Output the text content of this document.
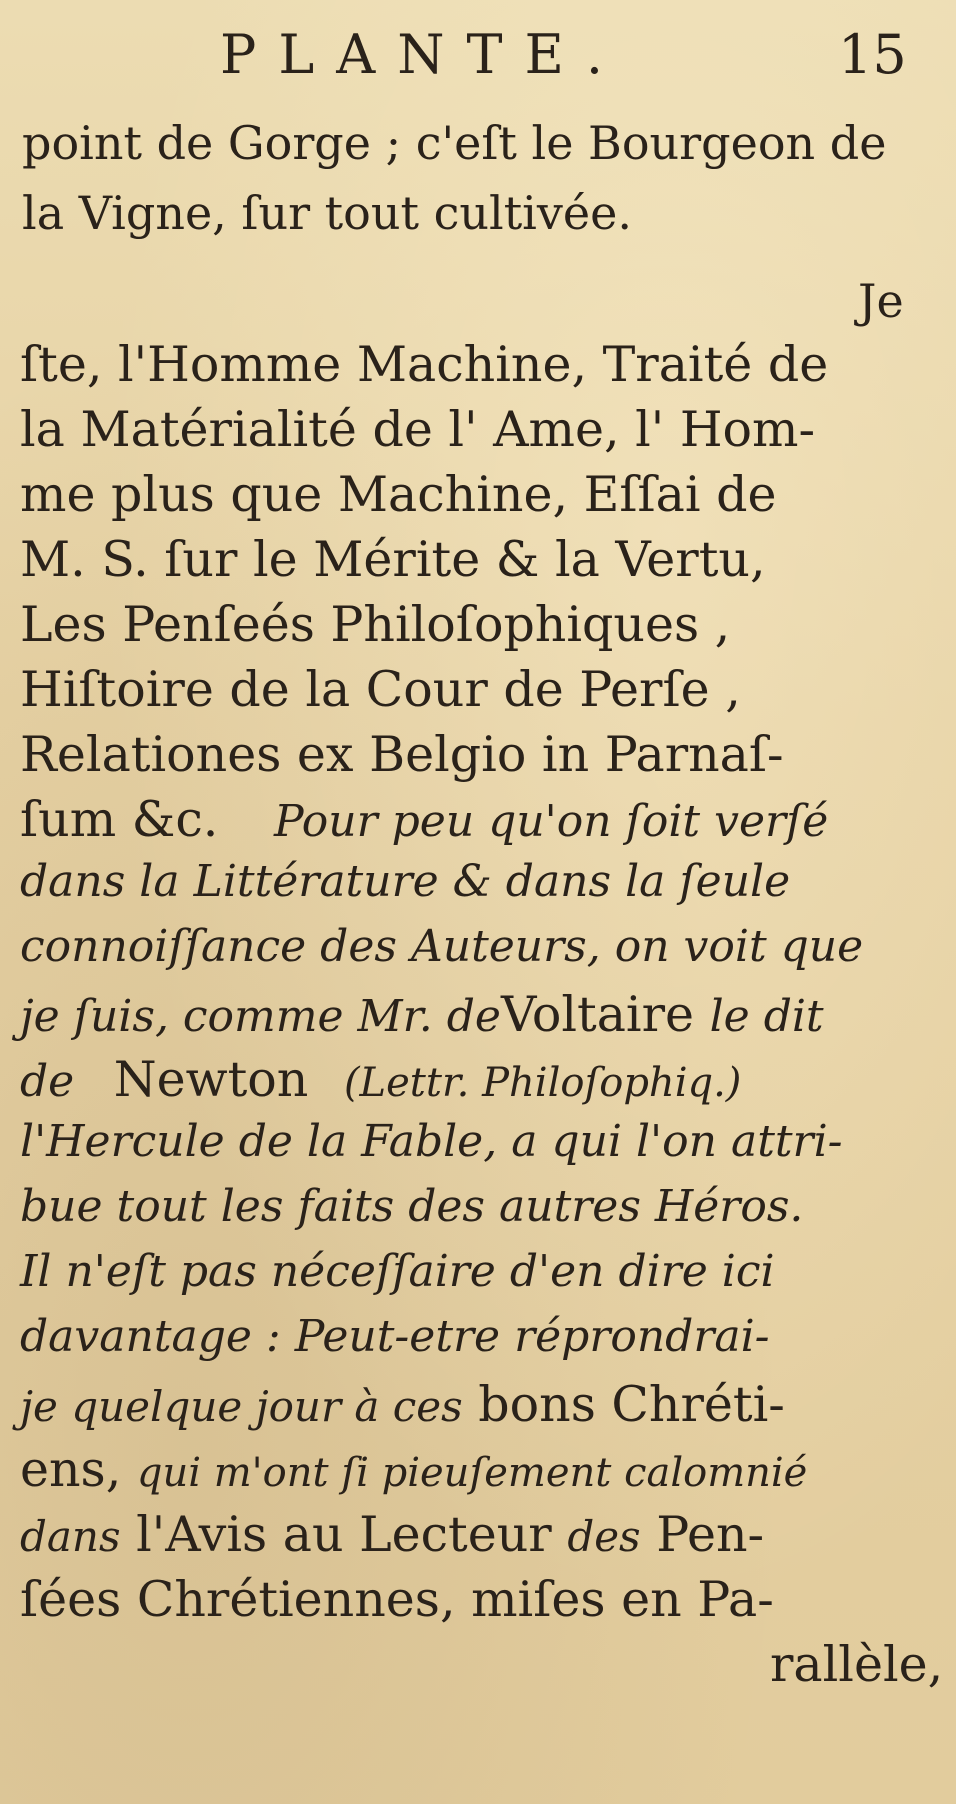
PLANTE.	15
point de Gorge ; c'eſt le Bourgeon de
la Vigne, ſur tout cultivée.
Je
ſte, l'Homme Machine, Traité de
la Matérialité de l' Ame, l' Hom-
me plus que Machine, Eſſai de
M. S. ſur le Mérite & la Vertu,
Les Penſeés Philoſophiques ,
Hiſtoire de la Cour de Perſe ,
Relationes ex Belgio in Parnaſ-
ſum &c. Pour peu qu'on ſoit verſé
dans la Littérature & dans la ſeule
connoiſſance des Auteurs, on voit que
je ſuis, comme Mr. deVoltaire le dit
de Newton (Lettr. Philoſophiq.)
l'Hercule de la Fable, a qui l'on attri-
bue tout les faits des autres Héros.
Il n'eſt pas néceſſaire d'en dire ici
davantage : Peut-etre réprondrai-
je quelque jour à ces bons Chréti-
ens, qui m'ont ſi pieuſement calomnié
dans l'Avis au Lecteur des Pen-
ſées Chrétiennes, miſes en Pa-
rallèle,
